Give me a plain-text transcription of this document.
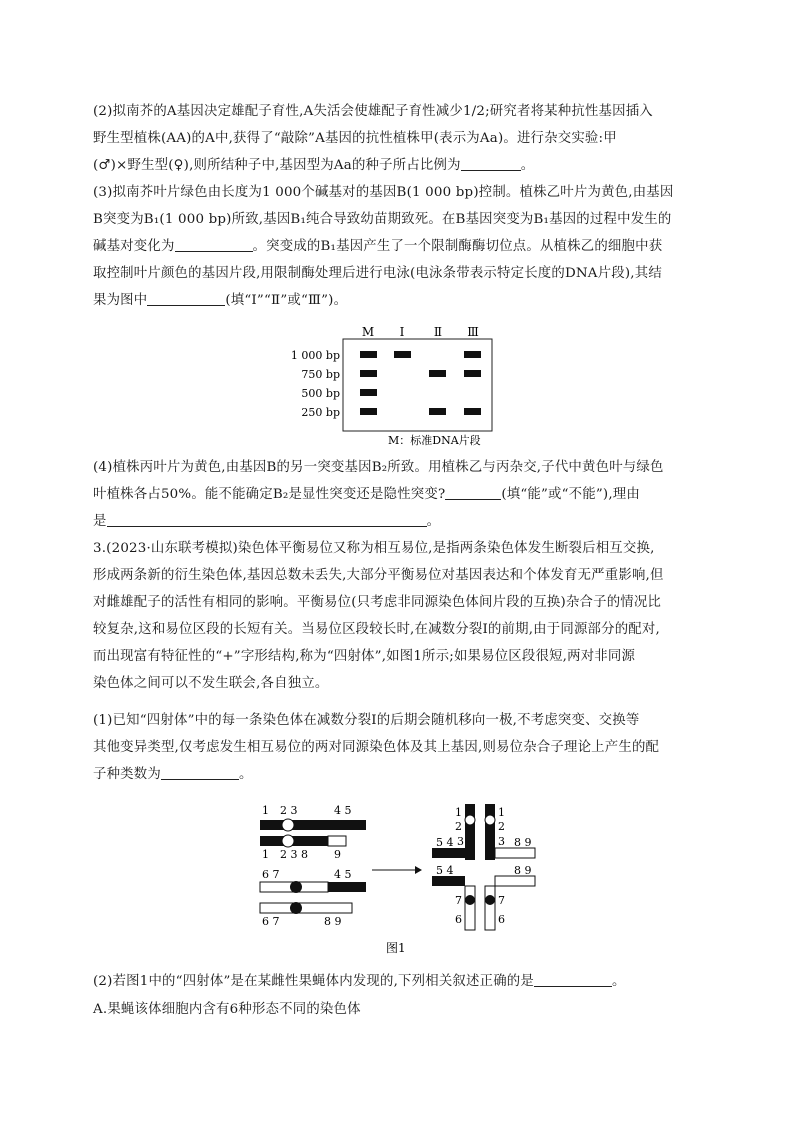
(2)拟南芥的A基因决定雄配子育性,A失活会使雄配子育性减少1/2;研究者将某种抗性基因插入
野生型植株(AA)的A中,获得了“敲除”A基因的抗性植株甲(表示为Aa)。进行杂交实验:甲
(♂)×野生型(♀),则所结种子中,基因型为Aa的种子所占比例为	。
(3)拟南芥叶片绿色由长度为1 000个碱基对的基因B(1 000 bp)控制。植株乙叶片为黄色,由基因
B突变为B₁(1 000 bp)所致,基因B₁纯合导致幼苗期致死。在B基因突变为B₁基因的过程中发生的
碱基对变化为	。突变成的B₁基因产生了一个限制酶酶切位点。从植株乙的细胞中获
取控制叶片颜色的基因片段,用限制酶处理后进行电泳(电泳条带表示特定长度的DNA片段),其结
果为图中	(填“Ⅰ”“Ⅱ”或“Ⅲ”)。
(4)植株丙叶片为黄色,由基因B的另一突变基因B₂所致。用植株乙与丙杂交,子代中黄色叶与绿色
叶植株各占50%。能不能确定B₂是显性突变还是隐性突变?	(填“能”或“不能”),理由
是	。
3.(2023·山东联考模拟)染色体平衡易位又称为相互易位,是指两条染色体发生断裂后相互交换,
形成两条新的衍生染色体,基因总数未丢失,大部分平衡易位对基因表达和个体发育无严重影响,但
对雌雄配子的活性有相同的影响。平衡易位(只考虑非同源染色体间片段的互换)杂合子的情况比
较复杂,这和易位区段的长短有关。当易位区段较长时,在减数分裂Ⅰ的前期,由于同源部分的配对,
而出现富有特征性的“+”字形结构,称为“四射体”,如图1所示;如果易位区段很短,两对非同源
染色体之间可以不发生联会,各自独立。
(1)已知“四射体”中的每一条染色体在减数分裂Ⅰ的后期会随机移向一极,不考虑突变、交换等
其他变异类型,仅考虑发生相互易位的两对同源染色体及其上基因,则易位杂合子理论上产生的配
子种类数为	。
(2)若图1中的“四射体”是在某雌性果蝇体内发现的,下列相关叙述正确的是	。
A.果蝇该体细胞内含有6种形态不同的染色体
M Ⅰ Ⅱ Ⅲ
1 000 bp
750 bp
500 bp
250 bp
M：标准DNA片段
1 2 3	4 5
1 2 3 8 9
6 7	4 5
6 7	8 9
1	1
2	2
3	3
5 4	8 9
5 4	8 9
7	7
6	6
图1
